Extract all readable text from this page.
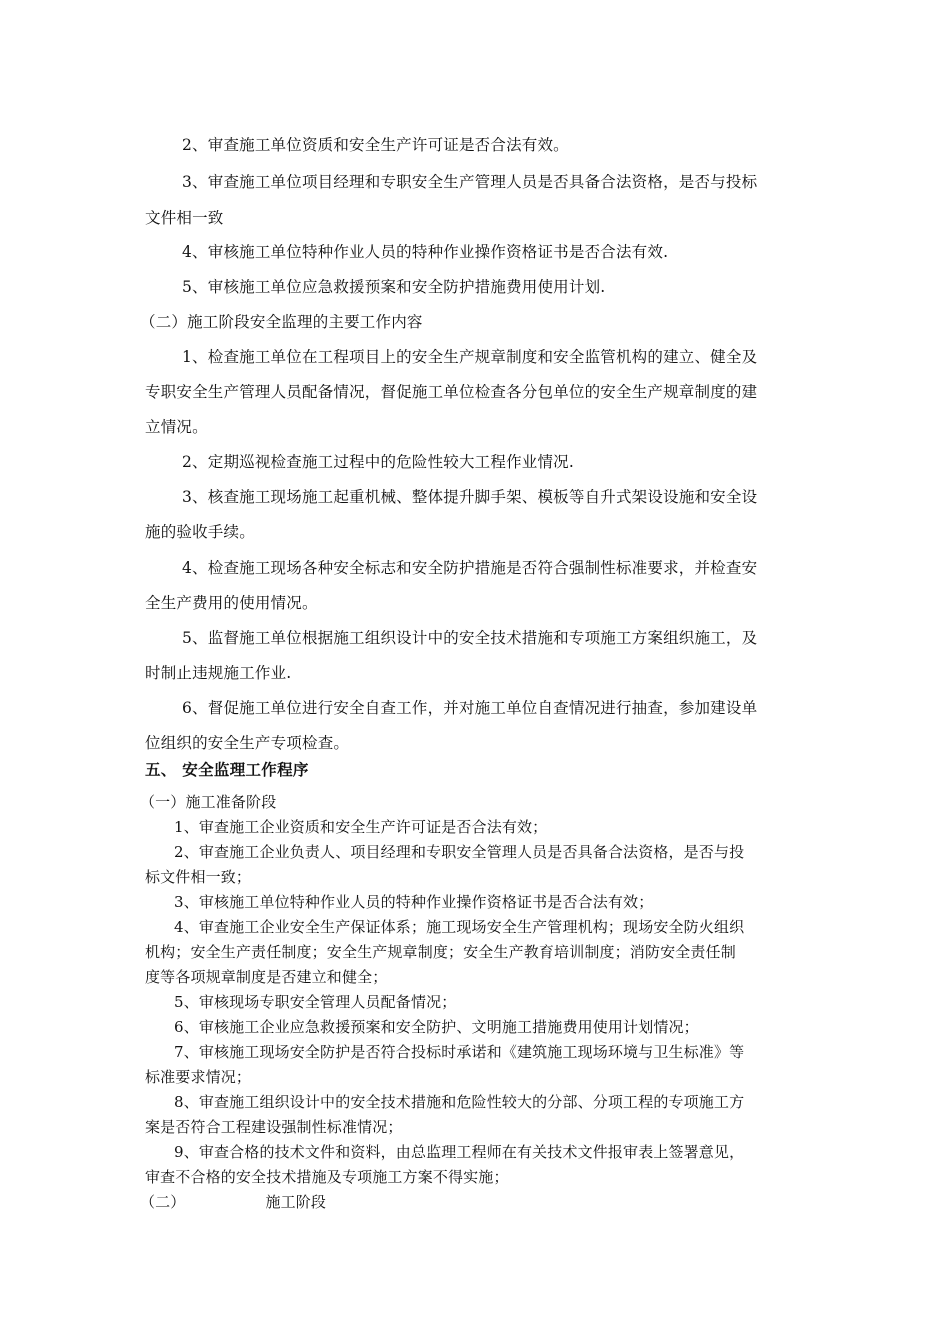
2、审查施工单位资质和安全生产许可证是否合法有效。

3、审查施工单位项目经理和专职安全生产管理人员是否具备合法资格，是否与投标

文件相一致

4、审核施工单位特种作业人员的特种作业操作资格证书是否合法有效.

5、审核施工单位应急救援预案和安全防护措施费用使用计划.

（二）施工阶段安全监理的主要工作内容

1、检查施工单位在工程项目上的安全生产规章制度和安全监管机构的建立、健全及

专职安全生产管理人员配备情况，督促施工单位检查各分包单位的安全生产规章制度的建

立情况。

2、定期巡视检查施工过程中的危险性较大工程作业情况.

3、核查施工现场施工起重机械、整体提升脚手架、模板等自升式架设设施和安全设

施的验收手续。

4、检查施工现场各种安全标志和安全防护措施是否符合强制性标准要求，并检查安

全生产费用的使用情况。

5、监督施工单位根据施工组织设计中的安全技术措施和专项施工方案组织施工，及

时制止违规施工作业.

6、督促施工单位进行安全自查工作，并对施工单位自查情况进行抽查，参加建设单

位组织的安全生产专项检查。

五、 安全监理工作程序

（一）施工准备阶段

1、审查施工企业资质和安全生产许可证是否合法有效；

2、审查施工企业负责人、项目经理和专职安全管理人员是否具备合法资格，是否与投

标文件相一致；

3、审核施工单位特种作业人员的特种作业操作资格证书是否合法有效；

4、审查施工企业安全生产保证体系；施工现场安全生产管理机构；现场安全防火组织

机构；安全生产责任制度；安全生产规章制度；安全生产教育培训制度；消防安全责任制

度等各项规章制度是否建立和健全；

5、审核现场专职安全管理人员配备情况；

6、审核施工企业应急救援预案和安全防护、文明施工措施费用使用计划情况；

7、审核施工现场安全防护是否符合投标时承诺和《建筑施工现场环境与卫生标准》等

标准要求情况；

8、审查施工组织设计中的安全技术措施和危险性较大的分部、分项工程的专项施工方

案是否符合工程建设强制性标准情况；

9、审查合格的技术文件和资料，由总监理工程师在有关技术文件报审表上签署意见，

审查不合格的安全技术措施及专项施工方案不得实施；

（二）	施工阶段
